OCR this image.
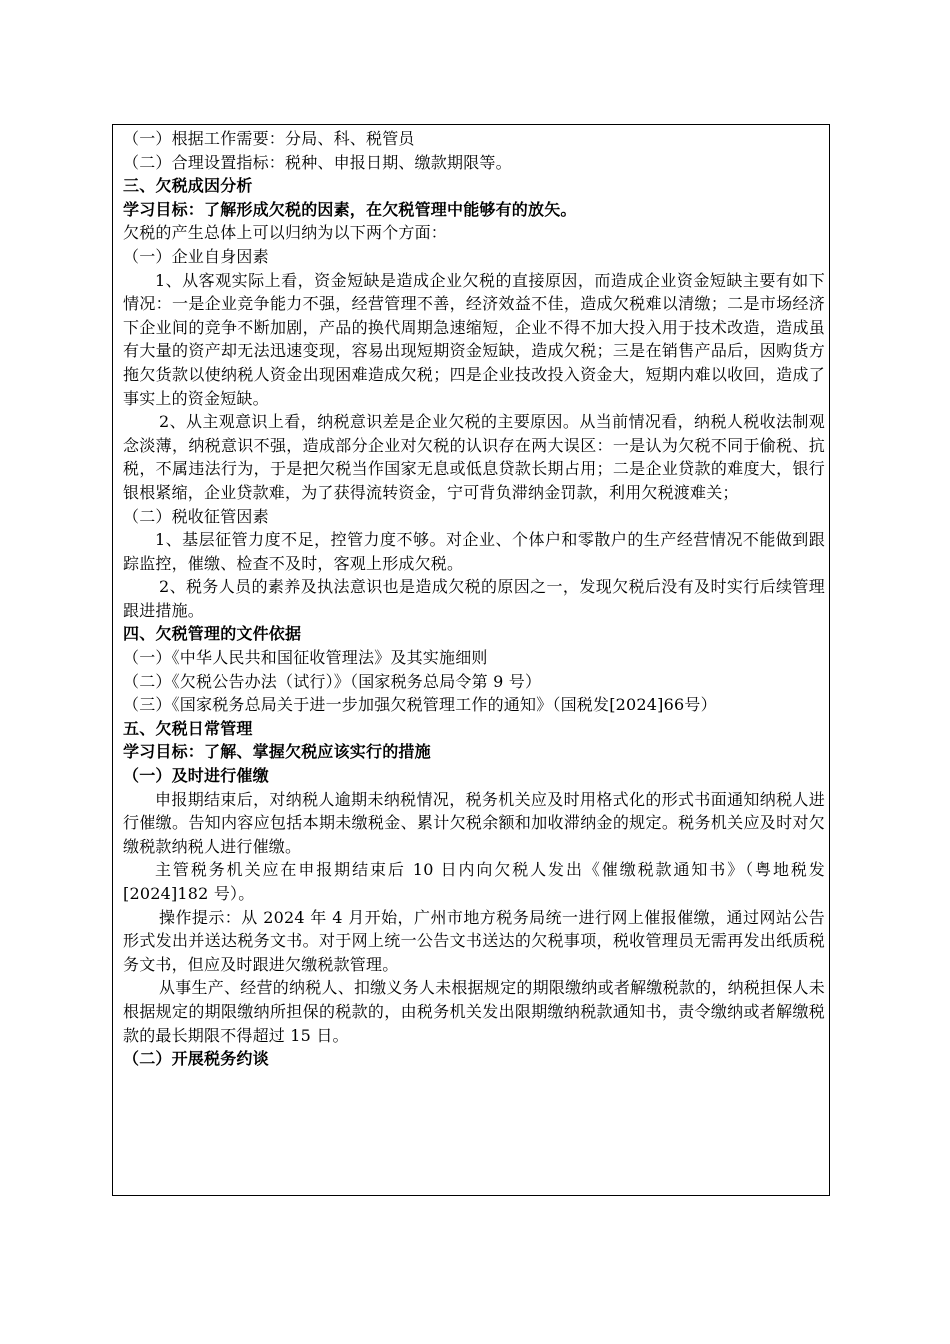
（一）根据工作需要：分局、科、税管员

（二）合理设置指标：税种、申报日期、缴款期限等。

三、欠税成因分析

学习目标：了解形成欠税的因素，在欠税管理中能够有的放矢。

欠税的产生总体上可以归纳为以下两个方面：

（一）企业自身因素

1、从客观实际上看，资金短缺是造成企业欠税的直接原因，而造成企业资金短缺主要有如下情况：一是企业竞争能力不强，经营管理不善，经济效益不佳，造成欠税难以清缴；二是市场经济下企业间的竞争不断加剧，产品的换代周期急速缩短，企业不得不加大投入用于技术改造，造成虽有大量的资产却无法迅速变现，容易出现短期资金短缺，造成欠税；三是在销售产品后，因购货方拖欠货款以使纳税人资金出现困难造成欠税；四是企业技改投入资金大，短期内难以收回，造成了事实上的资金短缺。

2、从主观意识上看，纳税意识差是企业欠税的主要原因。从当前情况看，纳税人税收法制观念淡薄，纳税意识不强，造成部分企业对欠税的认识存在两大误区：一是认为欠税不同于偷税、抗税，不属违法行为，于是把欠税当作国家无息或低息贷款长期占用；二是企业贷款的难度大，银行银根紧缩，企业贷款难，为了获得流转资金，宁可背负滞纳金罚款，利用欠税渡难关；

（二）税收征管因素

1、基层征管力度不足，控管力度不够。对企业、个体户和零散户的生产经营情况不能做到跟踪监控，催缴、检查不及时，客观上形成欠税。

2、税务人员的素养及执法意识也是造成欠税的原因之一，发现欠税后没有及时实行后续管理跟进措施。

四、欠税管理的文件依据

（一）《中华人民共和国征收管理法》及其实施细则

（二）《欠税公告办法（试行）》（国家税务总局令第 9 号）

（三）《国家税务总局关于进一步加强欠税管理工作的通知》（国税发[2024]66号）

五、欠税日常管理

学习目标：了解、掌握欠税应该实行的措施

（一）及时进行催缴

申报期结束后，对纳税人逾期未纳税情况，税务机关应及时用格式化的形式书面通知纳税人进行催缴。告知内容应包括本期未缴税金、累计欠税余额和加收滞纳金的规定。税务机关应及时对欠缴税款纳税人进行催缴。

主管税务机关应在申报期结束后 10 日内向欠税人发出《催缴税款通知书》（粤地税发[2024]182 号）。

操作提示：从 2024 年 4 月开始，广州市地方税务局统一进行网上催报催缴，通过网站公告形式发出并送达税务文书。对于网上统一公告文书送达的欠税事项，税收管理员无需再发出纸质税务文书，但应及时跟进欠缴税款管理。

从事生产、经营的纳税人、扣缴义务人未根据规定的期限缴纳或者解缴税款的，纳税担保人未根据规定的期限缴纳所担保的税款的，由税务机关发出限期缴纳税款通知书，责令缴纳或者解缴税款的最长期限不得超过 15 日。

（二）开展税务约谈
